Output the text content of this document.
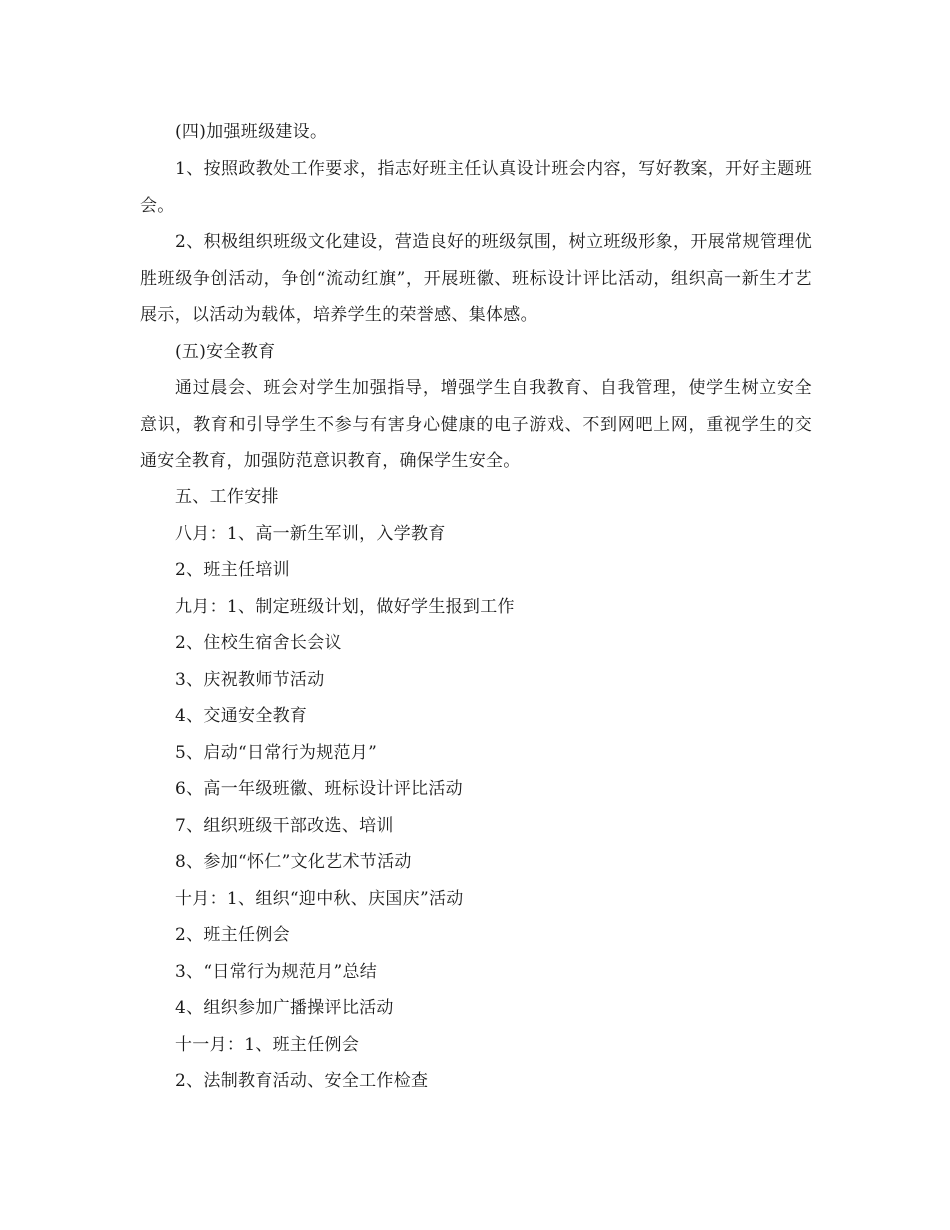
(四)加强班级建设。

1、按照政教处工作要求，指志好班主任认真设计班会内容，写好教案，开好主题班会。

2、积极组织班级文化建设，营造良好的班级氛围，树立班级形象，开展常规管理优胜班级争创活动，争创“流动红旗”，开展班徽、班标设计评比活动，组织高一新生才艺展示，以活动为载体，培养学生的荣誉感、集体感。

(五)安全教育

通过晨会、班会对学生加强指导，增强学生自我教育、自我管理，使学生树立安全意识，教育和引导学生不参与有害身心健康的电子游戏、不到网吧上网，重视学生的交通安全教育，加强防范意识教育，确保学生安全。

五、工作安排
八月：1、高一新生军训，入学教育
2、班主任培训
九月：1、制定班级计划，做好学生报到工作
2、住校生宿舍长会议
3、庆祝教师节活动
4、交通安全教育
5、启动“日常行为规范月”
6、高一年级班徽、班标设计评比活动
7、组织班级干部改选、培训
8、参加“怀仁”文化艺术节活动
十月：1、组织“迎中秋、庆国庆”活动
2、班主任例会
3、“日常行为规范月”总结
4、组织参加广播操评比活动
十一月：1、班主任例会
2、法制教育活动、安全工作检查
